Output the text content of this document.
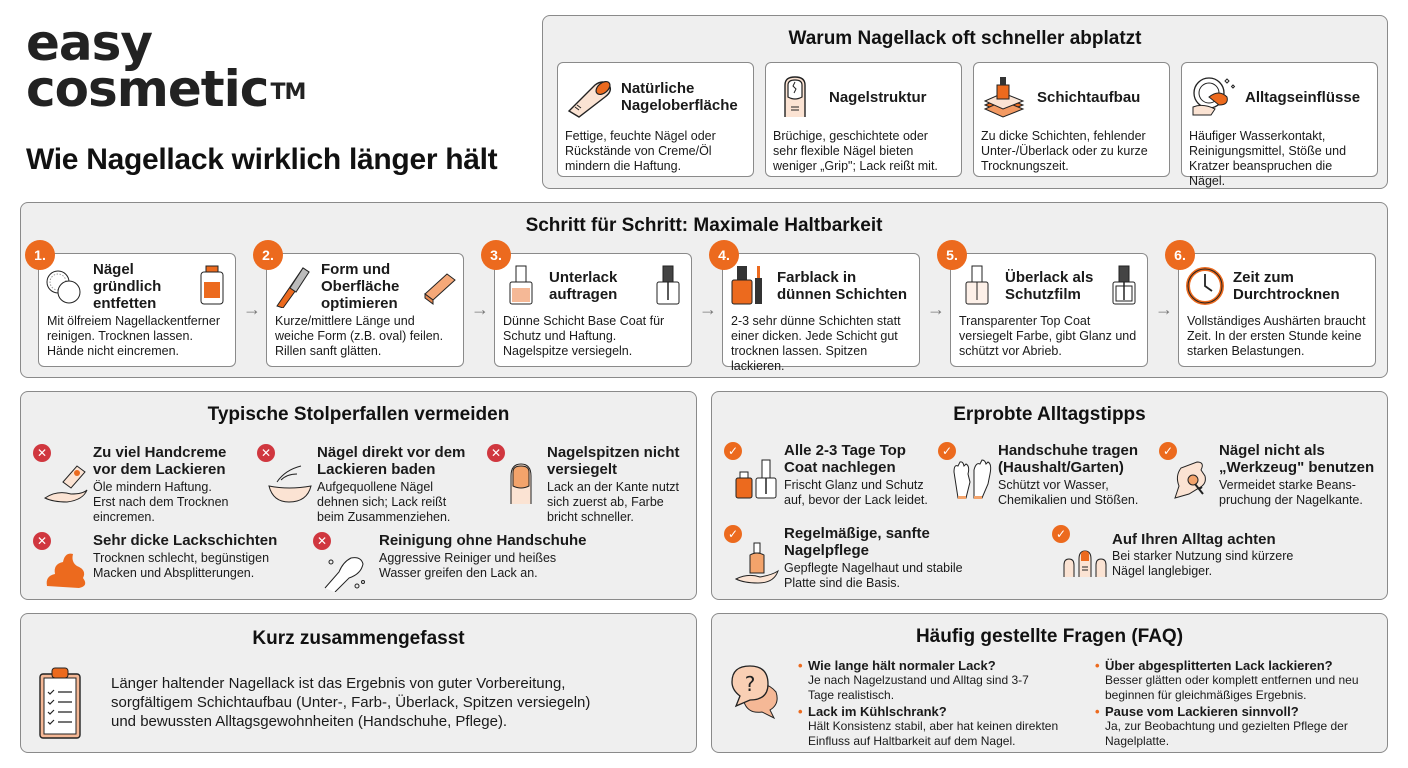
easy
cosmetic™
Wie Nagellack wirklich länger hält
Warum Nagellack oft schneller abplatzt
Natürliche Nageloberfläche
Fettige, feuchte Nägel oder Rückstände von Creme/Öl mindern die Haftung.
Nagelstruktur
Brüchige, geschichtete oder sehr flexible Nägel bieten weniger „Grip"; Lack reißt mit.
Schichtaufbau
Zu dicke Schichten, fehlender Unter-/Überlack oder zu kurze Trocknungszeit.
Alltagseinflüsse
Häufiger Wasserkontakt, Reinigungsmittel, Stöße und Kratzer beanspruchen die Nägel.
Schritt für Schritt: Maximale Haltbarkeit
1.
Nägel gründlich entfetten
Mit ölfreiem Nagellackentferner reinigen. Trocknen lassen. Hände nicht eincremen.
→
2.
Form und Oberfläche optimieren
Kurze/mittlere Länge und weiche Form (z.B. oval) feilen. Rillen sanft glätten.
→
3.
Unterlack auftragen
Dünne Schicht Base Coat für Schutz und Haftung. Nagelspitze versiegeln.
→
4.
Farblack in dünnen Schichten
2-3 sehr dünne Schichten statt einer dicken. Jede Schicht gut trocknen lassen. Spitzen lackieren.
→
5.
Überlack als Schutzfilm
Transparenter Top Coat versiegelt Farbe, gibt Glanz und schützt vor Abrieb.
→
6.
Zeit zum Durchtrocknen
Vollständiges Aushärten braucht Zeit. In der ersten Stunde keine starken Belastungen.
Typische Stolperfallen vermeiden
✕	Zu viel Handcreme
vor dem Lackieren
Öle mindern Haftung.
Erst nach dem Trocknen
eincremen.
✕	Nägel direkt vor dem
Lackieren baden
Aufgequollene Nägel
dehnen sich; Lack reißt
beim Zusammenziehen.
✕	Nagelspitzen nicht
versiegelt
Lack an der Kante nutzt
sich zuerst ab, Farbe
bricht schneller.
✕	Sehr dicke Lackschichten
Trocknen schlecht, begünstigen
Macken und Absplitterungen.
✕	Reinigung ohne Handschuhe
Aggressive Reiniger und heißes
Wasser greifen den Lack an.
Erprobte Alltagstipps
✓	Alle 2-3 Tage Top
Coat nachlegen
Frischt Glanz und Schutz
auf, bevor der Lack leidet.
✓	Handschuhe tragen
(Haushalt/Garten)
Schützt vor Wasser,
Chemikalien und Stößen.
✓	Nägel nicht als
„Werkzeug" benutzen
Vermeidet starke Beans-
pruchung der Nagelkante.
✓	Regelmäßige, sanfte
Nagelpflege
Gepflegte Nagelhaut und stabile
Platte sind die Basis.
✓	Auf Ihren Alltag achten
Bei starker Nutzung sind kürzere
Nägel langlebiger.
Kurz zusammengefasst
Länger haltender Nagellack ist das Ergebnis von guter Vorbereitung,
sorgfältigem Schichtaufbau (Unter-, Farb-, Überlack, Spitzen versiegeln)
und bewussten Alltagsgewohnheiten (Handschuhe, Pflege).
Häufig gestellte Fragen (FAQ)
?
• Wie lange hält normaler Lack?
Je nach Nagelzustand und Alltag sind 3-7
Tage realistisch.
• Lack im Kühlschrank?
Hält Konsistenz stabil, aber hat keinen direkten
Einfluss auf Haltbarkeit auf dem Nagel.
• Über abgesplitterten Lack lackieren?
Besser glätten oder komplett entfernen und neu
beginnen für gleichmäßiges Ergebnis.
• Pause vom Lackieren sinnvoll?
Ja, zur Beobachtung und gezielten Pflege der
Nagelplatte.
